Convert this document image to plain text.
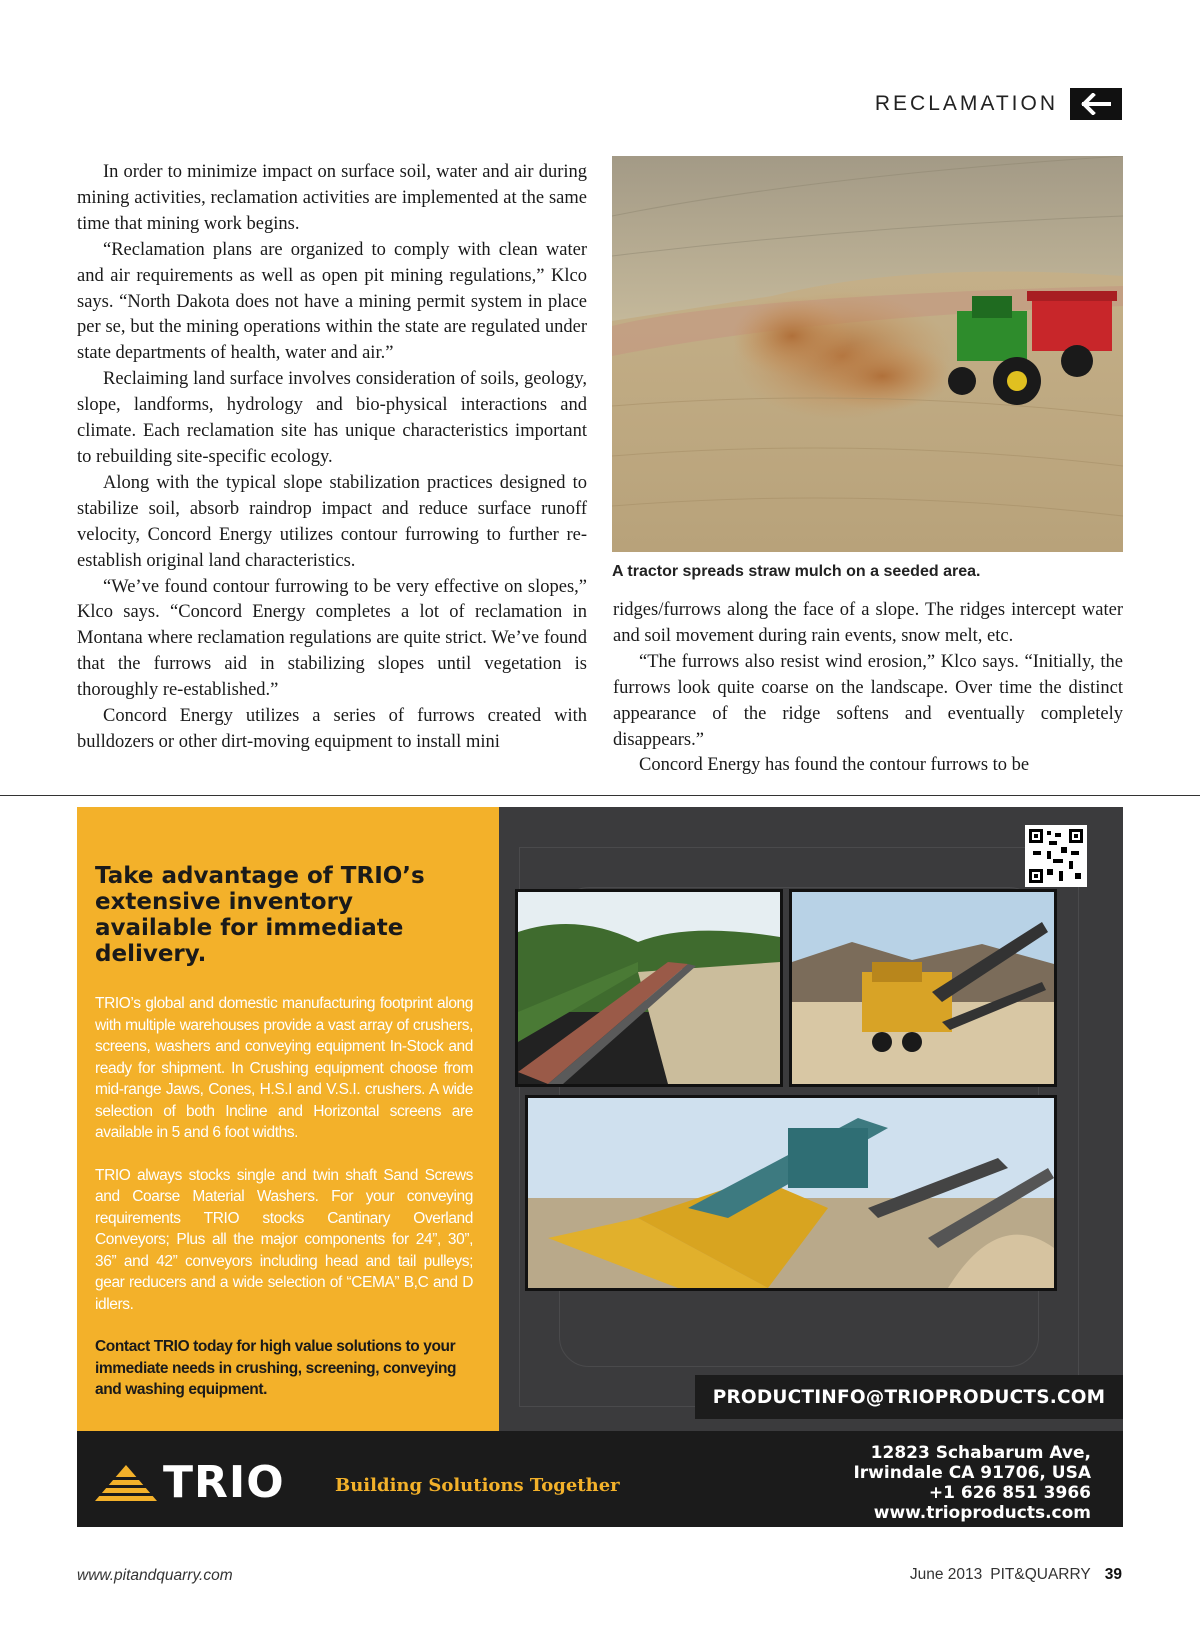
RECLAMATION

In order to minimize impact on surface soil, water and air during mining activities, reclamation activities are implemented at the same time that mining work begins.

“Reclamation plans are organized to comply with clean water and air requirements as well as open pit mining regulations,” Klco says. “North Dakota does not have a mining permit system in place per se, but the mining operations within the state are regulated under state departments of health, water and air.”

Reclaiming land surface involves consideration of soils, geology, slope, landforms, hydrology and bio-physical interactions and climate. Each reclamation site has unique characteristics important to rebuilding site-specific ecology.

Along with the typical slope stabilization practices designed to stabilize soil, absorb raindrop impact and reduce surface runoff velocity, Concord Energy utilizes contour furrowing to further re-establish original land characteristics.

“We’ve found contour furrowing to be very effective on slopes,” Klco says. “Concord Energy completes a lot of reclamation in Montana where reclamation regulations are quite strict. We’ve found that the furrows aid in stabilizing slopes until vegetation is thoroughly re-established.”

Concord Energy utilizes a series of furrows created with bulldozers or other dirt-moving equipment to install mini

A tractor spreads straw mulch on a seeded area.

ridges/furrows along the face of a slope. The ridges intercept water and soil movement during rain events, snow melt, etc.

“The furrows also resist wind erosion,” Klco says. “Initially, the furrows look quite coarse on the landscape. Over time the distinct appearance of the ridge softens and eventually completely disappears.”

Concord Energy has found the contour furrows to be

Take advantage of TRIO’s extensive inventory available for immediate delivery.

TRIO’s global and domestic manufacturing footprint along with multiple warehouses provide a vast array of crushers, screens, washers and conveying equipment In-Stock and ready for shipment. In Crushing equipment choose from mid-range Jaws, Cones, H.S.I and V.S.I. crushers. A wide selection of both Incline and Horizontal screens are available in 5 and 6 foot widths.

TRIO always stocks single and twin shaft Sand Screws and Coarse Material Washers. For your conveying requirements TRIO stocks Cantinary Overland Conveyors; Plus all the major components for 24”, 30”, 36” and 42” conveyors including head and tail pulleys; gear reducers and a wide selection of “CEMA” B,C and D idlers.

Contact TRIO today for high value solutions to your immediate needs in crushing, screening, conveying and washing equipment.	PRODUCTINFO@TRIOPRODUCTS.COM
TRIO	Building Solutions Together
12823 Schabarum Ave,
Irwindale CA 91706, USA
+1 626 851 3966
www.trioproducts.com
www.pitandquarry.com	June 2013 PIT&QUARRY 39
